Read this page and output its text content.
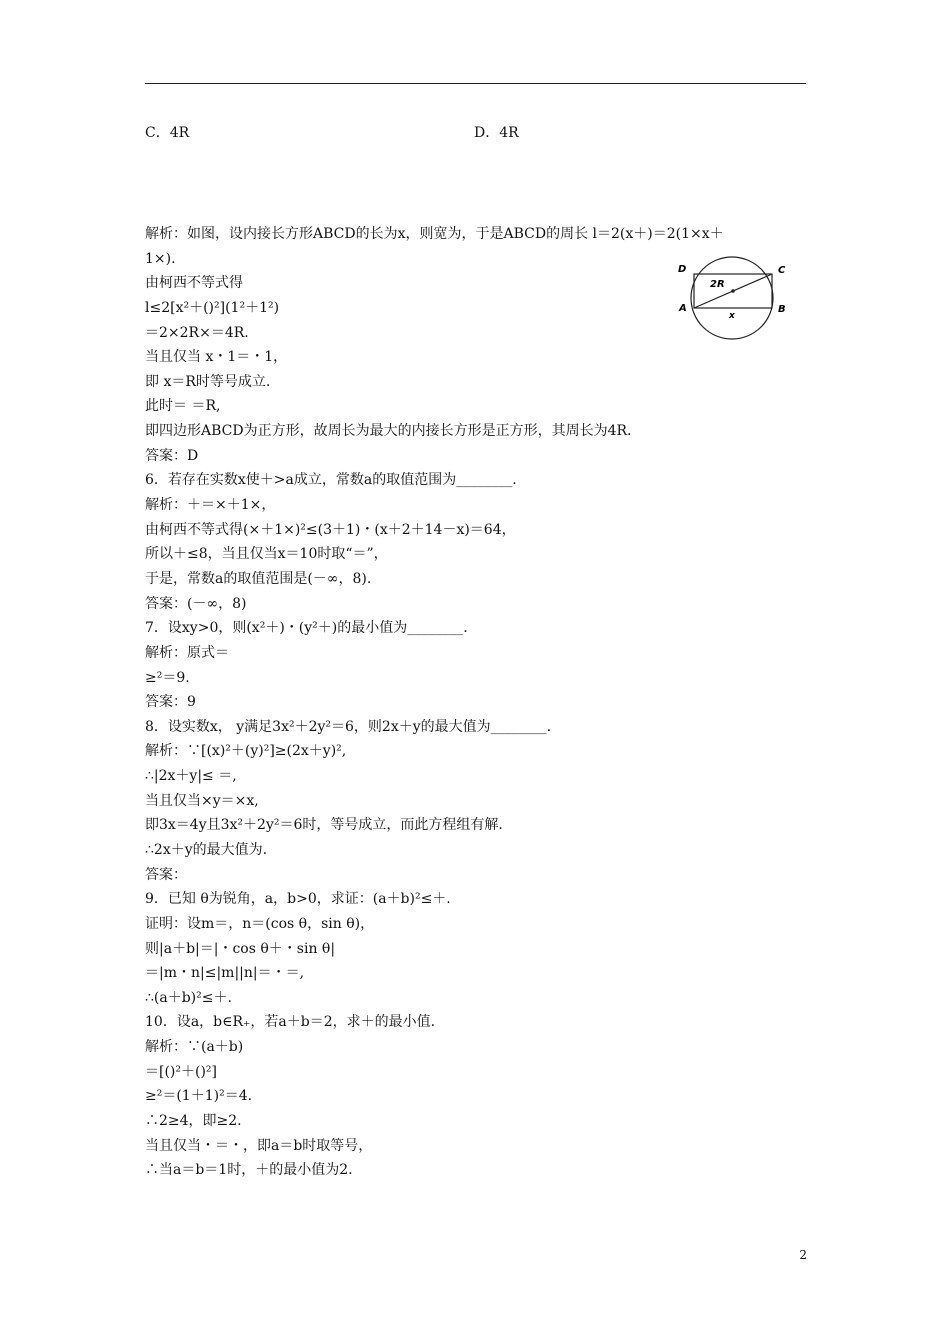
C．4R	D．4R
解析：如图，设内接长方形ABCD的长为x，则宽为，于是ABCD的周长 l＝2(x＋)＝2(1×x＋
1×).
由柯西不等式得
l≤2[x²＋()²](1²＋1²)
＝2×2R×＝4R.
当且仅当 x・1＝・1，
即 x＝R时等号成立.
此时＝ ＝R,
即四边形ABCD为正方形，故周长为最大的内接长方形是正方形，其周长为4R.
答案：D
6．若存在实数x使＋>a成立，常数a的取值范围为________.
解析：＋＝×＋1×，
由柯西不等式得(×＋1×)²≤(3＋1)・(x＋2＋14－x)＝64，
所以＋≤8，当且仅当x＝10时取“＝”，
于是，常数a的取值范围是(－∞，8).
答案：(－∞，8)
7．设xy>0，则(x²＋)・(y²＋)的最小值为________.
解析：原式＝
≥²＝9.
答案：9
8．设实数x， y满足3x²＋2y²＝6，则2x＋y的最大值为________.
解析：∵[(x)²＋(y)²]≥(2x＋y)²,
∴|2x＋y|≤ ＝,
当且仅当×y＝×x,
即3x＝4y且3x²＋2y²＝6时，等号成立，而此方程组有解.
∴2x＋y的最大值为.
答案：
9．已知 θ为锐角，a，b>0，求证：(a＋b)²≤＋.
证明：设m＝，n＝(cos θ，sin θ)，
则|a＋b|＝|・cos θ＋・sin θ|
＝|m・n|≤|m||n|＝・＝,
∴(a＋b)²≤＋.
10．设a，b∈R₊，若a＋b＝2，求＋的最小值.
解析：∵(a＋b)
＝[()²＋()²]
≥²＝(1＋1)²＝4.
∴2≥4，即≥2.
当且仅当・＝・，即a＝b时取等号，
∴当a＝b＝1时，＋的最小值为2.
D	C
A	B
2R
x
2
